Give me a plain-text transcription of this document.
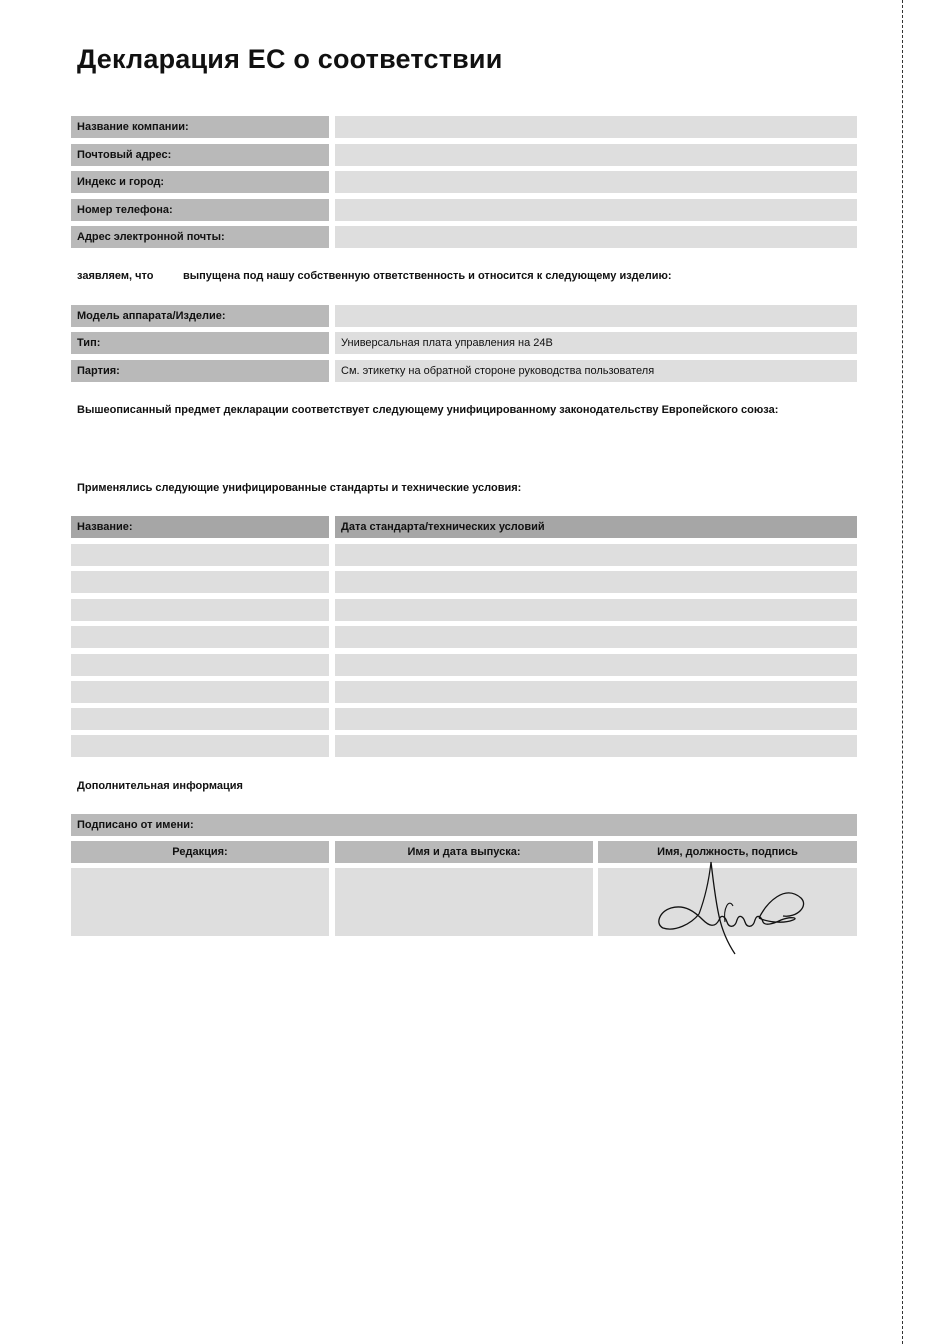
Декларация ЕС о соответствии
Название компании:
Почтовый адрес:
Индекс и город:
Номер телефона:
Адрес электронной почты:
заявляем, что	выпущена под нашу собственную ответственность и относится к следующему изделию:
Модель аппарата/Изделие:
Тип:	Универсальная плата управления на 24В
Партия:	См. этикетку на обратной стороне руководства пользователя
Вышеописанный предмет декларации соответствует следующему унифицированному законодательству Европейского союза:
Применялись следующие унифицированные стандарты и технические условия:
Название:	Дата стандарта/технических условий
Дополнительная информация
Подписано от имени:
Редакция:	Имя и дата выпуска:	Имя, должность, подпись
